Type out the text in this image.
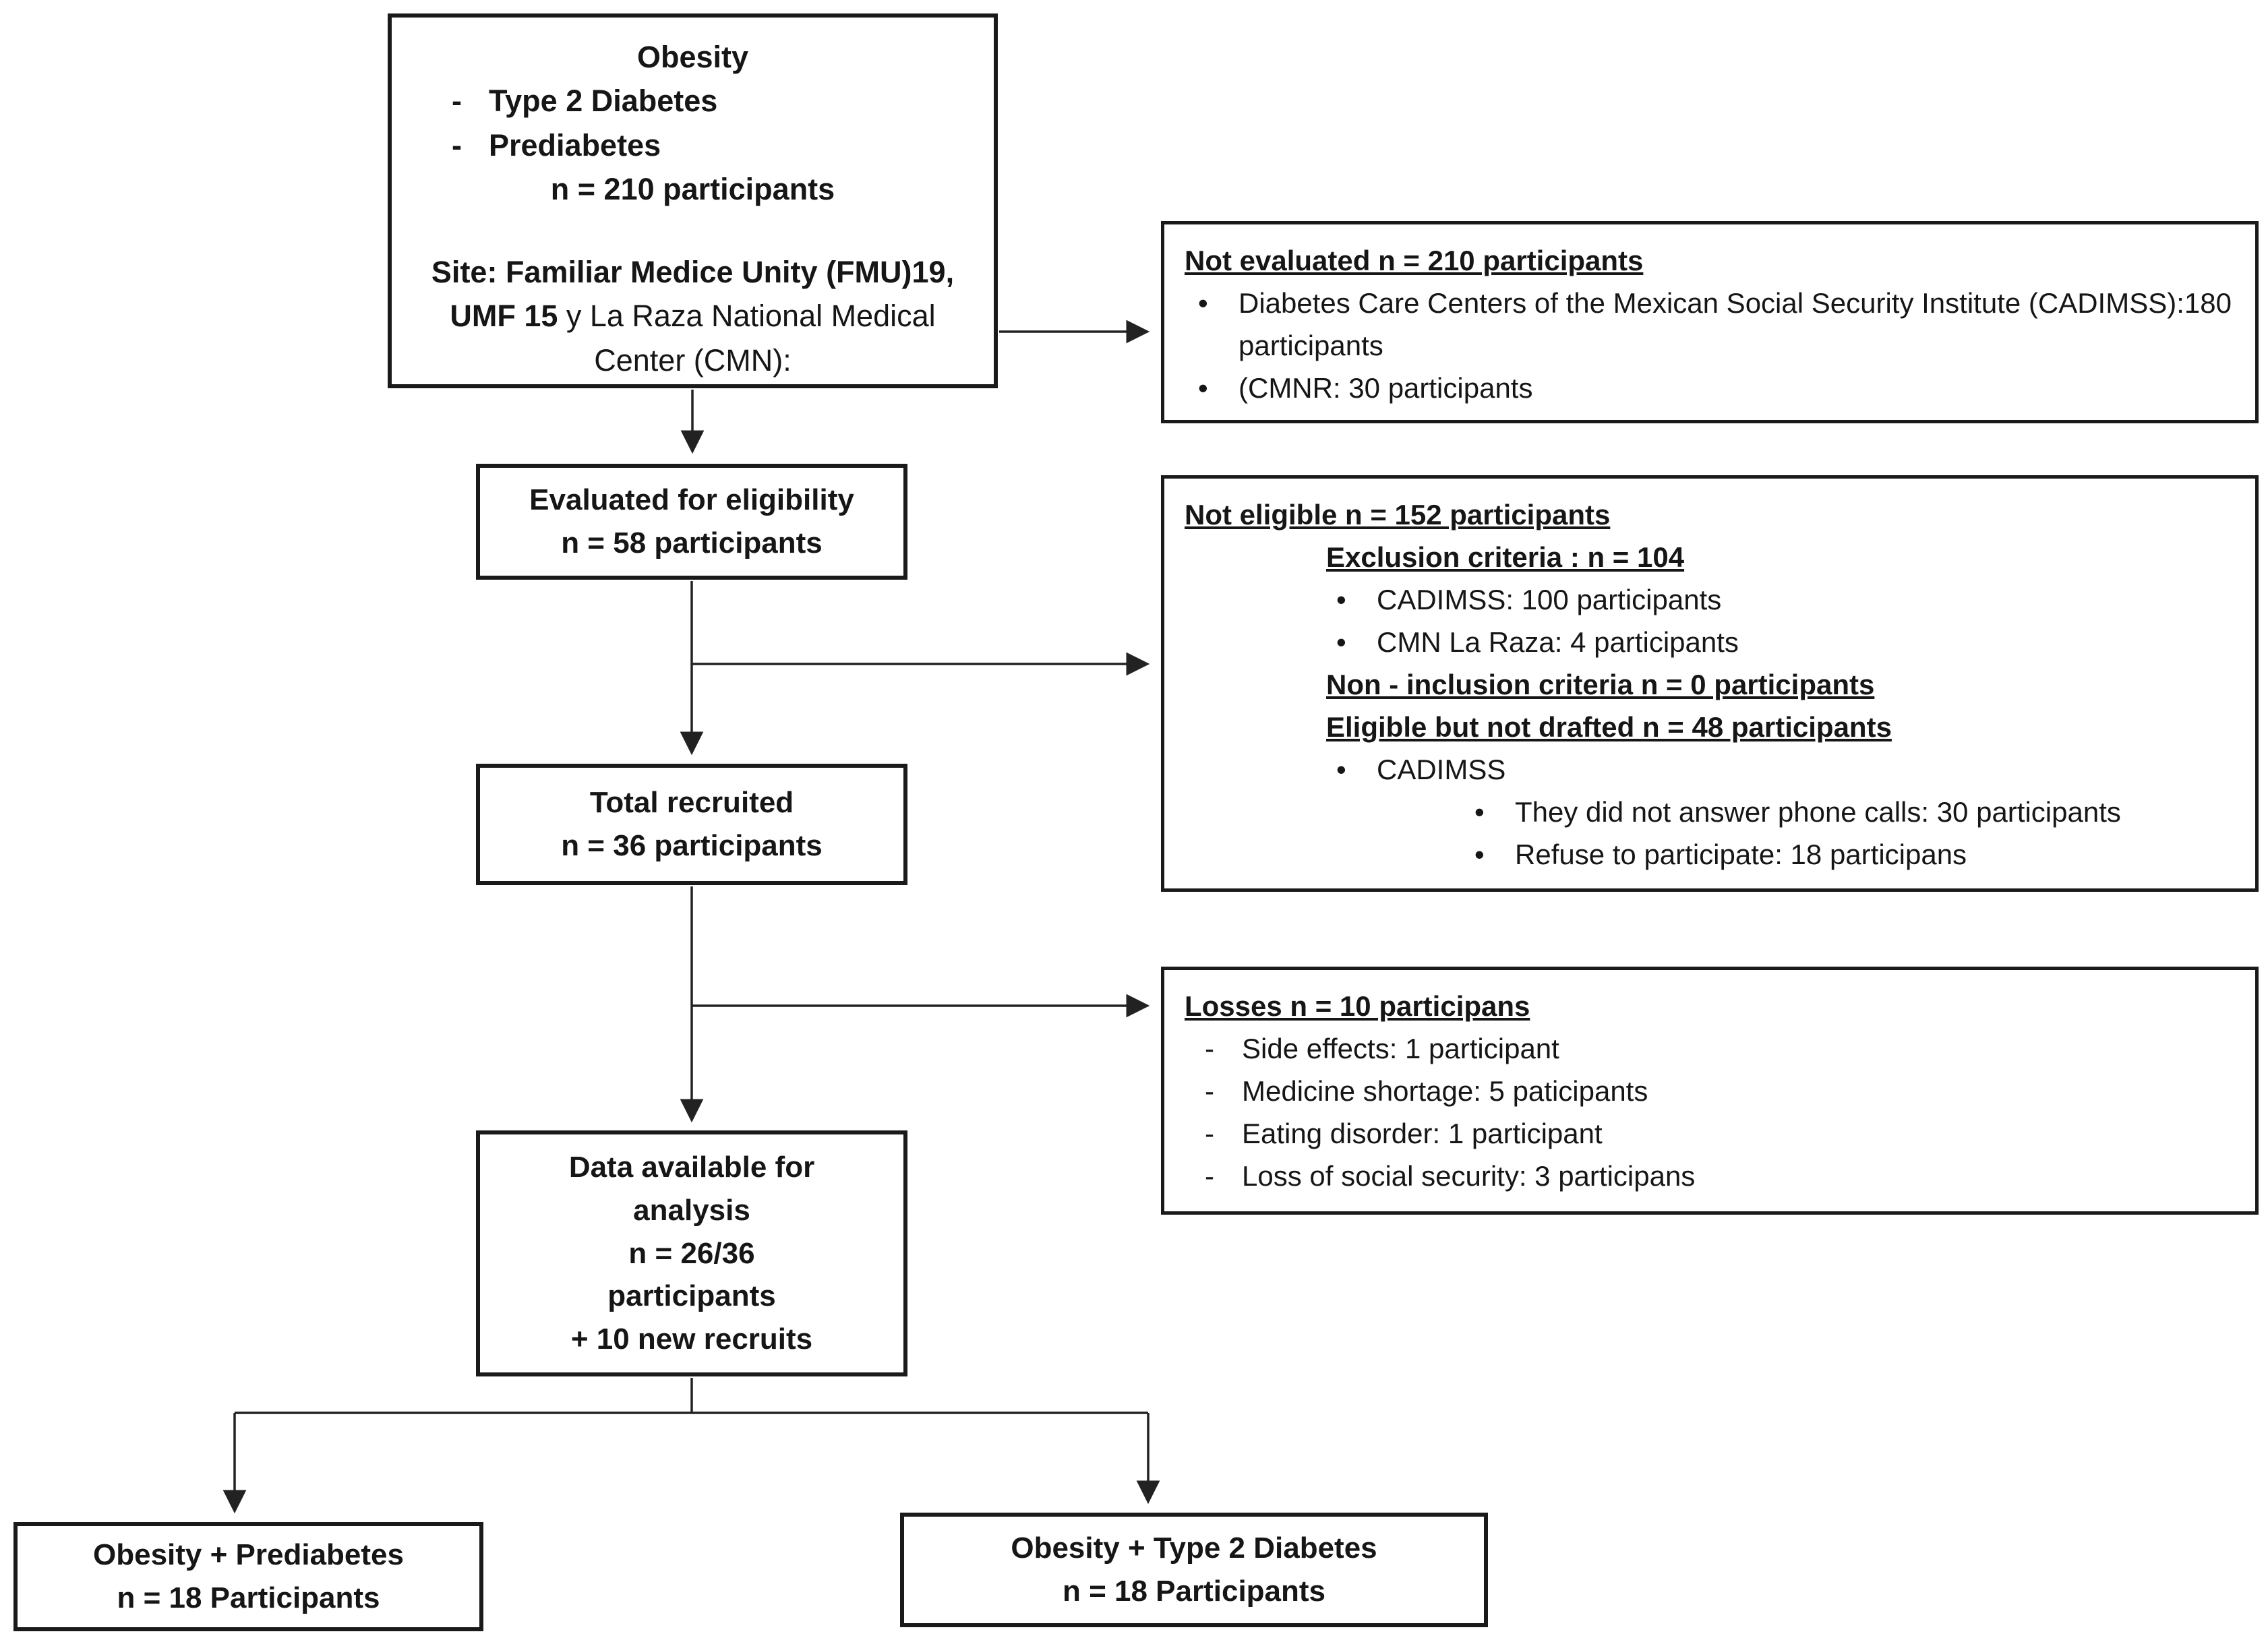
Obesity
- Type 2 Diabetes
- Prediabetes
n = 210 participants
Site: Familiar Medice Unity (FMU)19, UMF 15 y La Raza National Medical Center (CMN):
Not evaluated n = 210 participants
•	Diabetes Care Centers of the Mexican Social Security Institute (CADIMSS):180 participants
•	(CMNR: 30 participants
Evaluated for eligibility
n = 58 participants
Not eligible n = 152 participants
Exclusion criteria : n = 104
•	CADIMSS: 100 participants
•	CMN La Raza: 4 participants
Non - inclusion criteria n = 0 participants
Eligible but not drafted n = 48 participants
•	CADIMSS
•	They did not answer phone calls: 30 participants
•	Refuse to participate: 18 participans
Total recruited
n = 36 participants
Losses n = 10 participans
- Side effects: 1 participant
- Medicine shortage: 5 paticipants
- Eating disorder: 1 participant
- Loss of social security: 3 participans
Data available for
analysis
n = 26/36
participants
+ 10 new recruits
Obesity + Prediabetes
n = 18 Participants
Obesity + Type 2 Diabetes
n = 18 Participants
